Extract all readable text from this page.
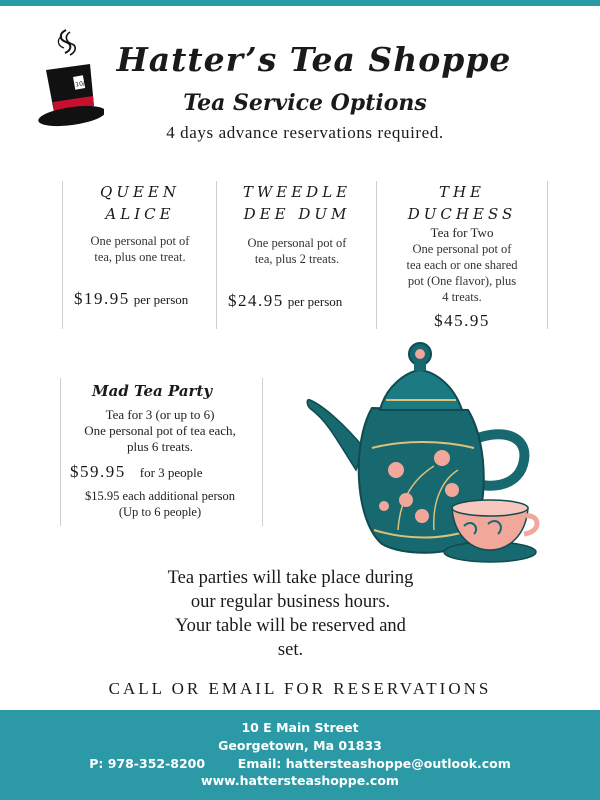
10/6
Hatter’s Tea Shoppe
Tea Service Options
4 days advance reservations required.
QUEEN
ALICE
One personal pot of
tea, plus one treat.
$19.95 per person
TWEEDLE
DEE DUM
One personal pot of
tea, plus 2 treats.
$24.95 per person
THE
DUCHESS
Tea for Two
One personal pot of
tea each or one shared
pot (One flavor), plus
4 treats.
$45.95
Mad Tea Party
Tea for 3 (or up to 6)
One personal pot of tea each,
plus 6 treats.
$59.95 for 3 people
$15.95 each additional person
(Up to 6 people)
Tea parties will take place during
our regular business hours.
Your table will be reserved and
set.
CALL OR EMAIL FOR RESERVATIONS
10 E Main Street
Georgetown, Ma 01833
P: 978-352-8200	Email: hattersteashoppe@outlook.com
www.hattersteashoppe.com
